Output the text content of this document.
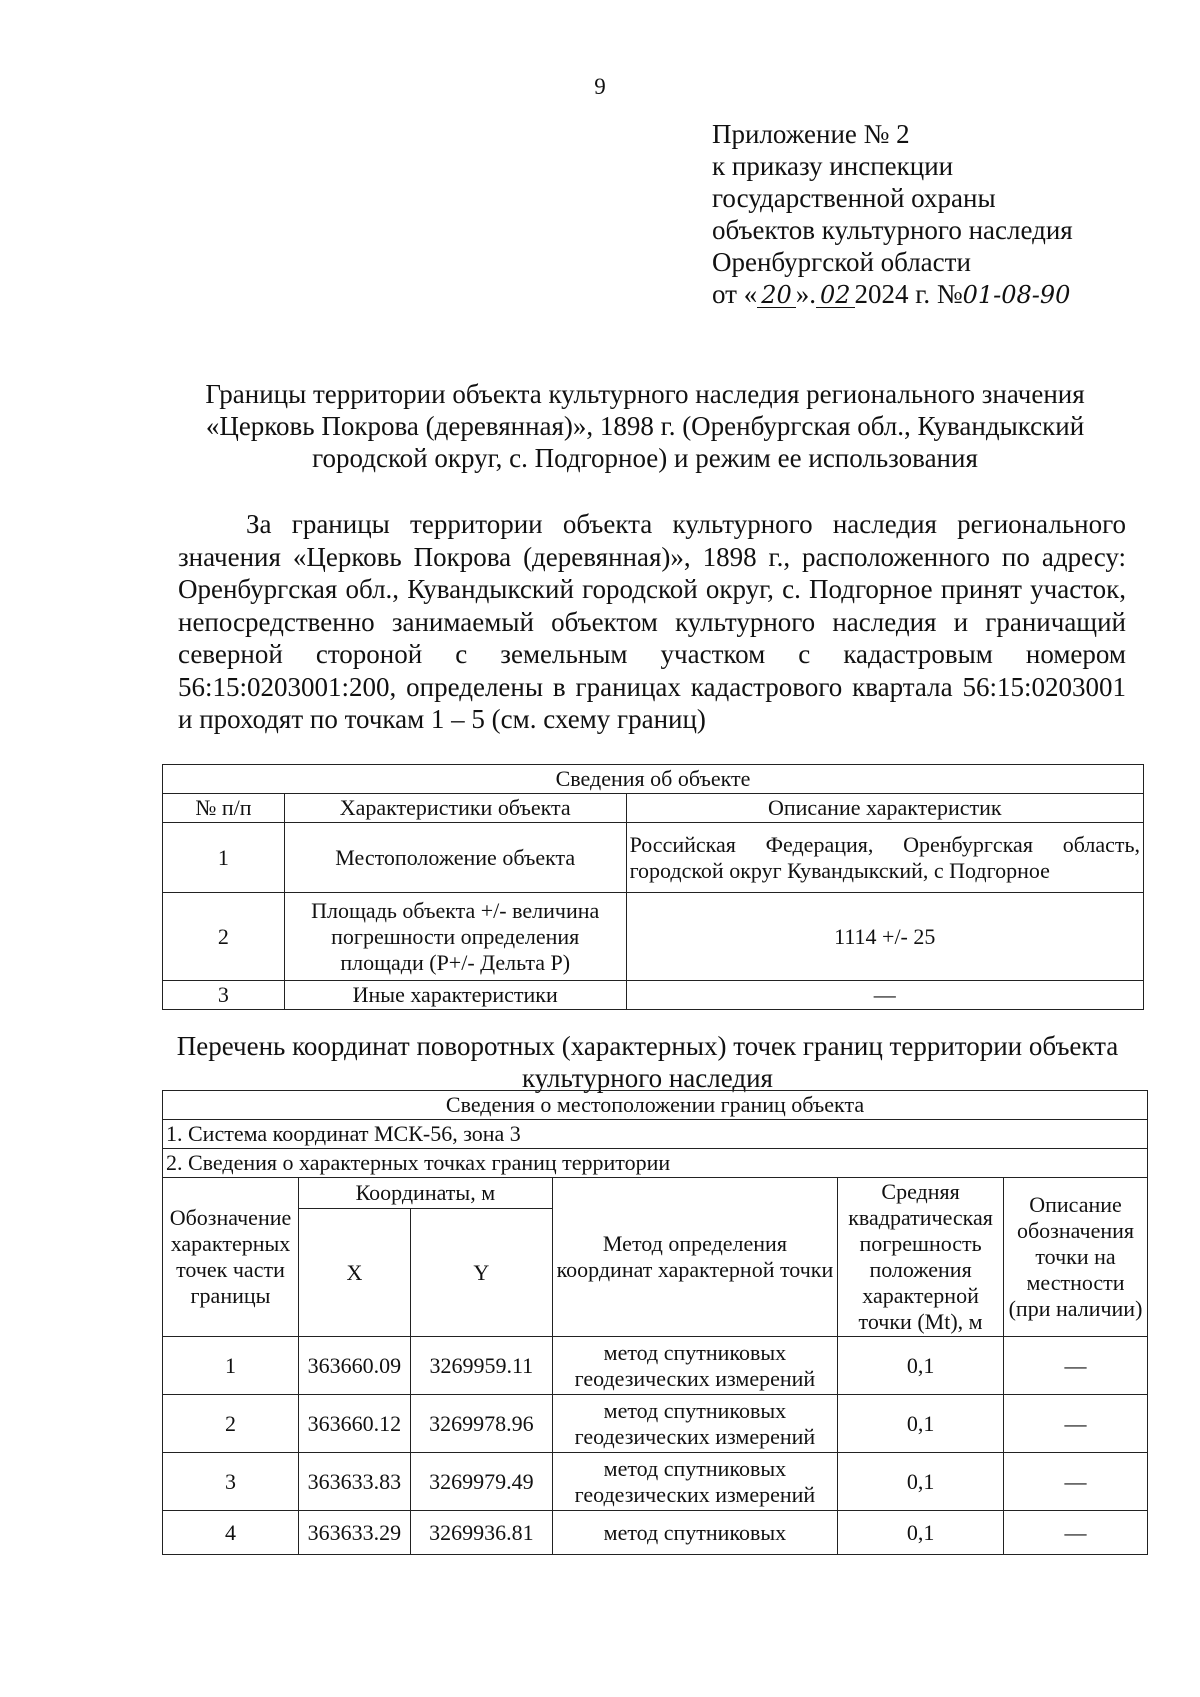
9
Приложение № 2
к приказу инспекции
государственной охраны
объектов культурного наследия
Оренбургской области
от « 20 ». 02 2024 г. №01-08-90
Границы территории объекта культурного наследия регионального значения «Церковь Покрова (деревянная)», 1898 г. (Оренбургская обл., Кувандыкский городской округ, с. Подгорное) и режим ее использования
За границы территории объекта культурного наследия регионального значения «Церковь Покрова (деревянная)», 1898 г., расположенного по адресу: Оренбургская обл., Кувандыкский городской округ, с. Подгорное принят участок, непосредственно занимаемый объектом культурного наследия и граничащий северной стороной с земельным участком с кадастровым номером 56:15:0203001:200, определены в границах кадастрового квартала 56:15:0203001 и проходят по точкам 1 – 5 (см. схему границ)
Сведения об объекте		
№ п/п	Характеристики объекта	Описание характеристик
1	Местоположение объекта	Российская Федерация, Оренбургская область, городской округ Кувандыкский, с Подгорное
2	Площадь объекта +/- величина погрешности определения площади (Р+/- Дельта Р)	1114 +/- 25
3	Иные характеристики	—
Перечень координат поворотных (характерных) точек границ территории объекта культурного наследия
Сведения о местоположении границ объекта					
1. Система координат МСК-56, зона 3					
2. Сведения о характерных точках границ территории					
Обозначение характерных точек части границы	Координаты, м		Метод определения координат характерной точки	Средняя квадратическая погрешность положения характерной точки (Mt), м	Описание обозначения точки на местности (при наличии)
	X	Y			
1	363660.09	3269959.11	метод спутниковых геодезических измерений	0,1	—
2	363660.12	3269978.96	метод спутниковых геодезических измерений	0,1	—
3	363633.83	3269979.49	метод спутниковых геодезических измерений	0,1	—
4	363633.29	3269936.81	метод спутниковых	0,1	—
